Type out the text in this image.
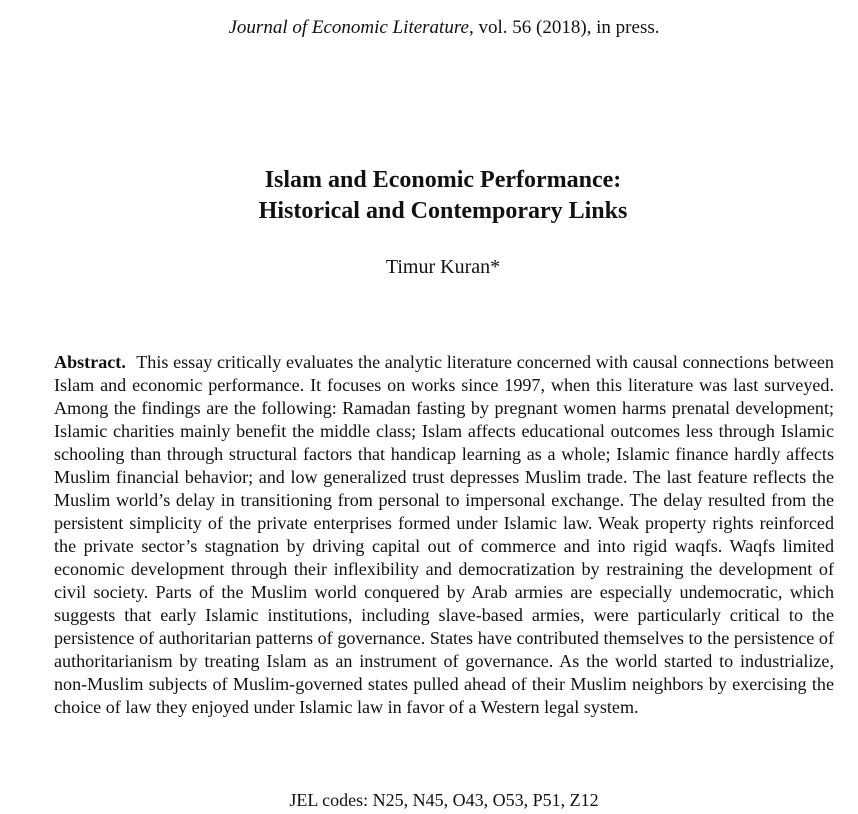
Journal of Economic Literature, vol. 56 (2018), in press.
Islam and Economic Performance:
Historical and Contemporary Links
Timur Kuran*
Abstract. This essay critically evaluates the analytic literature concerned with causal connections between Islam and economic performance. It focuses on works since 1997, when this literature was last surveyed. Among the findings are the following: Ramadan fasting by pregnant women harms prenatal development; Islamic charities mainly benefit the middle class; Islam affects educational outcomes less through Islamic schooling than through structural factors that handicap learning as a whole; Islamic finance hardly affects Muslim financial behavior; and low generalized trust depresses Muslim trade. The last feature reflects the Muslim world’s delay in transitioning from personal to impersonal exchange. The delay resulted from the persistent simplicity of the private enterprises formed under Islamic law. Weak property rights reinforced the private sector’s stagnation by driving capital out of commerce and into rigid waqfs. Waqfs limited economic development through their inflexibility and democratization by restraining the development of civil society. Parts of the Muslim world conquered by Arab armies are especially undemocratic, which suggests that early Islamic institutions, including slave-based armies, were particularly critical to the persistence of authoritarian patterns of governance. States have contributed themselves to the persistence of authoritarianism by treating Islam as an instrument of governance. As the world started to industrialize, non-Muslim subjects of Muslim-governed states pulled ahead of their Muslim neighbors by exercising the choice of law they enjoyed under Islamic law in favor of a Western legal system.
JEL codes: N25, N45, O43, O53, P51, Z12
